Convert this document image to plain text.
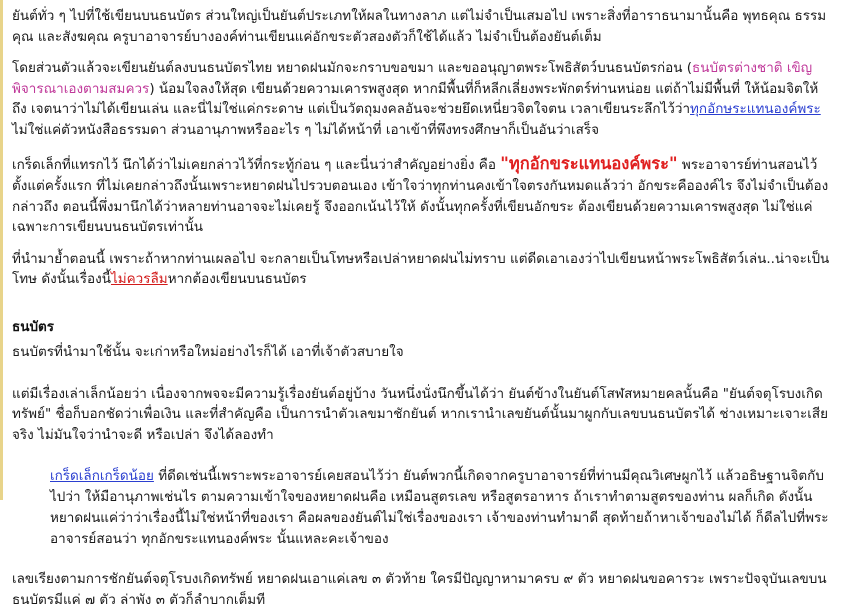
ยันต์ทั่ว ๆ ไปที่ใช้เขียนบนธนบัตร ส่วนใหญ่เป็นยันต์ประเภทให้ผลในทางลาภ แต่ไม่จำเป็นเสมอไป เพราะสิ่งที่อาราธนามานั้นคือ พุทธคุณ ธรรมคุณ และสังฆคุณ ครูบาอาจารย์บางองค์ท่านเขียนแค่อักขระตัวสองตัวก็ใช้ได้แล้ว ไม่จำเป็นต้องยันต์เต็ม

โดยส่วนตัวแล้วจะเขียนยันต์ลงบนธนบัตรไทย หยาดฝนมักจะกราบขอขมา และขออนุญาตพระโพธิสัตว์บนธนบัตรก่อน (ธนบัตรต่างชาติ เขิญพิจารณาเองตามสมควร) น้อมใจลงให้สุด เขียนด้วยความเคารพสูงสุด หากมีพื้นที่ก็หลีกเลี่ยงพระพักตร์ท่านหน่อย แต่ถ้าไม่มีพื้นที่ ให้น้อมจิตให้ถึง เจตนาว่าไม่ได้เขียนเล่น และนี่ไม่ใช่แค่กระดาษ แต่เป็นวัตถุมงคลอันจะช่วยยึดเหนี่ยวจิตใจตน เวลาเขียนระลึกไว้ว่าทุกอักษระแทนองค์พระ ไม่ใช่แค่ตัวหนังสือธรรมดา ส่วนอานุภาพหรืออะไร ๆ ไม่ได้หน้าที่ เอาเข้าที่พึงทรงศึกษาก็เป็นอันว่าเสร็จ

เกร็ดเล็กที่แทรกไว้ นึกได้ว่าไม่เคยกล่าวไว้ที่กระทู้ก่อน ๆ และนี่นว่าสำคัญอย่างยิ่ง คือ "ทุกอักขระแทนองค์พระ" พระอาจารย์ท่านสอนไว้ตั้งแต่ครั้งแรก ที่ไม่เคยกล่าวถึงนั้นเพราะหยาดฝนไปรวบตอนเอง เข้าใจว่าทุกท่านคงเข้าใจตรงกันหมดแล้วว่า อักขระคือองค์ไร จึงไม่จำเป็นต้องกล่าวถึง ตอนนี้พึ่งมานึกได้ว่าหลายท่านอาจจะไม่เคยรู้ จึงออกเน้นไว้ให้ ดังนั้นทุกครั้งที่เขียนอักขระ ต้องเขียนด้วยความเคารพสูงสุด ไม่ใช่แค่เฉพาะการเขียนบนธนบัตรเท่านั้น

ที่นำมาย้ำตอนนี้ เพราะถ้าหากท่านเผลอไป จะกลายเป็นโทษหรือเปล่าหยาดฝนไม่ทราบ แต่ดีดเอาเองว่าไปเขียนหน้าพระโพธิสัตว์เล่น..น่าจะเป็นโทษ ดังนั้นเรื่องนี้ไม่ควรลืมหากต้องเขียนบนธนบัตร

ธนบัตร

ธนบัตรที่นำมาใช้นั้น จะเก่าหรือใหม่อย่างไรก็ได้ เอาที่เจ้าตัวสบายใจ

แต่มีเรื่องเล่าเล็กน้อยว่า เนื่องจากพจจะมีความรู้เรื่องยันต์อยู่บ้าง วันหนึ่งนั่งนึกขึ้นได้ว่า ยันต์ข้างในยันต์โสฬสหมายคลนั้นคือ "ยันต์จตุโรบงเกิดทรัพย์" ชื่อก็บอกชัดว่าเพื่อเงิน และที่สำคัญคือ เป็นการนำตัวเลขมาชักยันต์ หากเรานำเลขยันต์นั้นมาผูกกับเลขบนธนบัตรได้ ช่างเหมาะเจาะเสียจริง ไม่มันใจว่านำจะดี หรือเปล่า จึงได้ลองทำ

เกร็ดเล็กเกร็ดน้อย ที่ดีดเช่นนี้เพราะพระอาจารย์เคยสอนไว้ว่า ยันต์พวกนี้เกิดจากครูบาอาจารย์ที่ท่านมีคุณวิเศษผูกไว้ แล้วอธิษฐานจิตกับไปว่า ให้มือานุภาพเช่นไร ตามความเข้าใจของหยาดฝนคือ เหมือนสูตรเลข หรือสูตรอาหาร ถ้าเราทำตามสูตรของท่าน ผลก็เกิด ดังนั้นหยาดฝนแค่ว่าว่าเรื่องนี้ไม่ใช่หน้าที่ของเรา คือผลของยันต์ไม่ใช่เรื่องของเรา เจ้าของท่านทำมาดี สุดท้ายถ้าหาเจ้าของไม่ได้ ก็ดีลไปที่พระอาจารย์สอนว่า ทุกอักขระแทนองค์พระ นั้นแหละคะเจ้าของ

เลขเรียงตามการชักยันต์จตุโรบงเกิดทรัพย์ หยาดฝนเอาแค่เลข ๓ ตัวท้าย ใครมีปัญญาหามาครบ ๙ ตัว หยาดฝนขอคารวะ เพราะปัจจุบันเลขบนธนบัตรมีแค่ ๗ ตัว ล่าพัง ๓ ตัวก็ลำบากเต็มที
